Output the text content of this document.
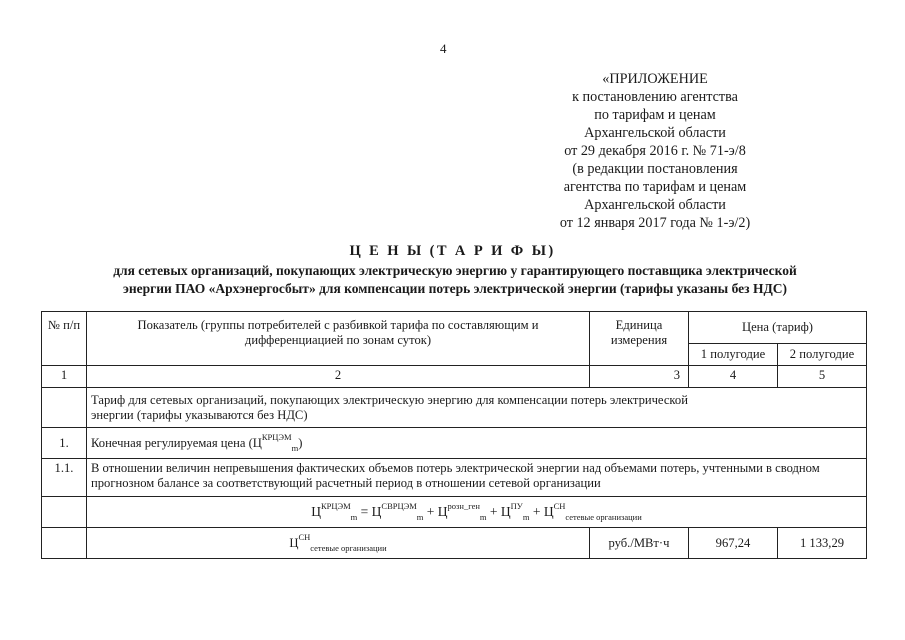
4
«ПРИЛОЖЕНИЕ
к постановлению агентства
по тарифам и ценам
Архангельской области
от 29 декабря 2016 г. № 71-э/8
(в редакции постановления
агентства по тарифам и ценам
Архангельской области
от 12 января 2017 года № 1-э/2)
Ц Е Н Ы (Т А Р И Ф Ы)
для сетевых организаций, покупающих электрическую энергию у гарантирующего поставщика электрической
энергии ПАО «Архэнергосбыт» для компенсации потерь электрической энергии (тарифы указаны без НДС)
№ п/п	Показатель (группы потребителей с разбивкой тарифа по составляющим и дифференциацией по зонам суток)	Единица измерения	Цена (тариф)	
			1 полугодие	2 полугодие
1	2	3	4	5
	Тариф для сетевых организаций, покупающих электрическую энергию для компенсации потерь электрической энергии (тарифы указываются без НДС)			
1.	Конечная регулируемая цена $(Ц^{КРЦЭМ}_m)$			
1.1.	В отношении величин непревышения фактических объемов потерь электрической энергии над объемами потерь, учтенными в сводном прогнозном балансе за соответствующий расчетный период в отношении сетевой организации			
	$Ц^{КРЦЭМ}_m = Ц^{СВРЦЭМ}_m + Ц^{розн\_ген}_m + Ц^{ПУ}_m + Ц^{СН}_{сетевые организации}$
	$Ц^{СН}_{сетевые организации}$	руб./МВт·ч	967,24	1 133,29
